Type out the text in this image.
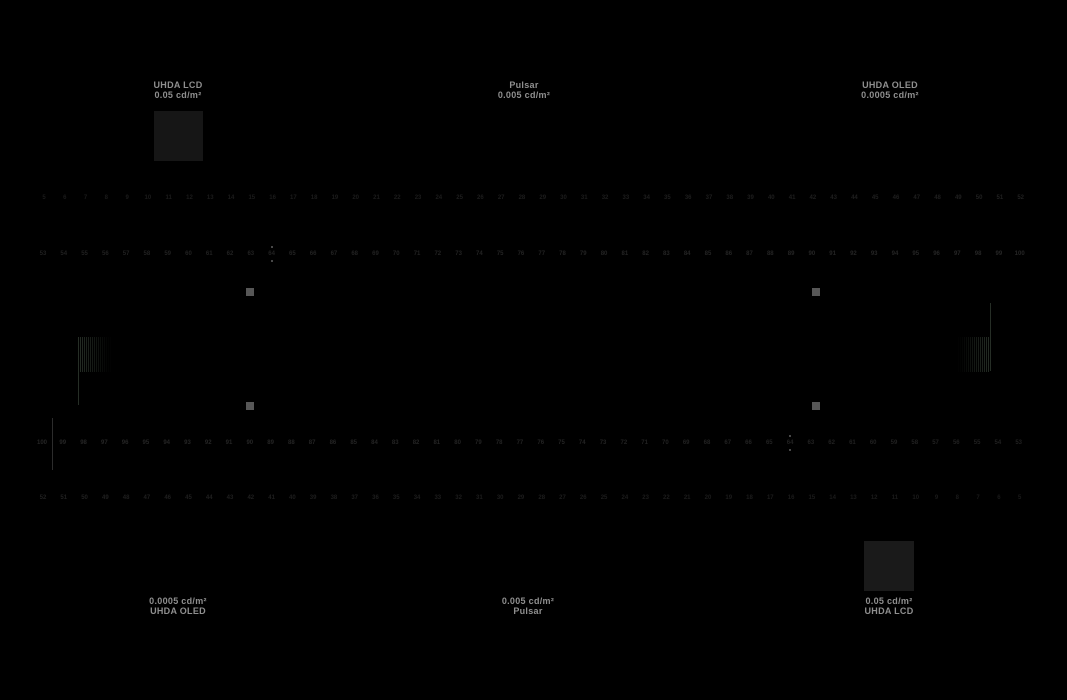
UHDA LCD
0.05 cd/m²
Pulsar
0.005 cd/m²
UHDA OLED
0.0005 cd/m²
5	6	7	8	9	10 11 12 13 14 15 16 17 18 19 20 21 22 23 24 25 26 27 28 29 30 31 32 33 34 35 36 37 38 39 40 41 42 43 44 45 46 47 48 49 50 51 52
53 54 55 56 57 58 59 60 61 62 63 64 65 66 67 68 69 70 71 72 73 74 75 76 77 78 79 80 81 82 83 84 85 86 87 88 89 90 91 92 93 94 95 96 97 98 99 100
100 99 98 97 96 95 94 93 92 91 90 89 88 87 86 85 84 83 82 81 80 79 78 77 76 75 74 73 72 71 70 69 68 67 66 65 64 63 62 61 60 59 58 57 56 55 54 53
52 51 50 49 48 47 46 45 44 43 42 41 40 39 38 37 36 35 34 33 32 31 30 29 28 27 26 25 24 23 22 21 20 19 18 17 16 15 14 13 12 11 10	9	8	7	6	5
0.0005 cd/m²
UHDA OLED
0.005 cd/m²
Pulsar
0.05 cd/m²
UHDA LCD
